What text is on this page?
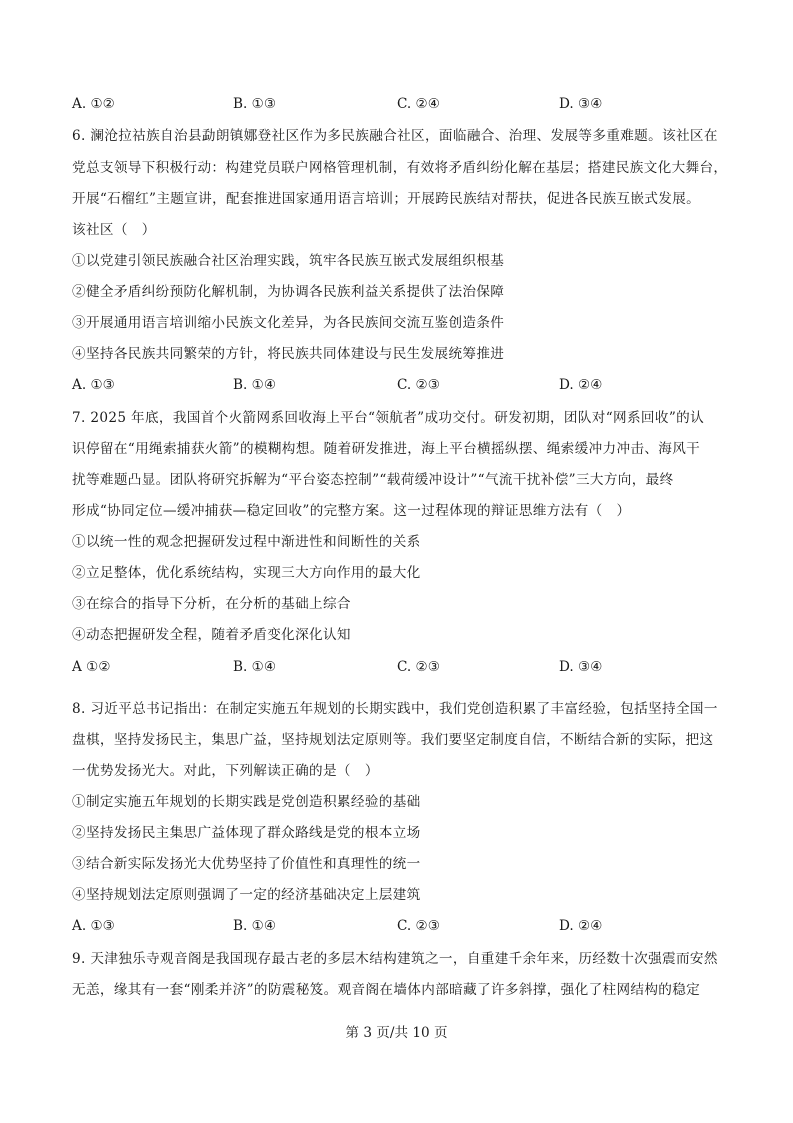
A. ①②	B. ①③	C. ②④	D. ③④
6. 澜沧拉祜族自治县勐朗镇娜登社区作为多民族融合社区，面临融合、治理、发展等多重难题。该社区在
党总支领导下积极行动：构建党员联户网格管理机制，有效将矛盾纠纷化解在基层；搭建民族文化大舞台，
开展“石榴红”主题宣讲，配套推进国家通用语言培训；开展跨民族结对帮扶，促进各民族互嵌式发展。
该社区（　）
①以党建引领民族融合社区治理实践，筑牢各民族互嵌式发展组织根基
②健全矛盾纠纷预防化解机制，为协调各民族利益关系提供了法治保障
③开展通用语言培训缩小民族文化差异，为各民族间交流互鉴创造条件
④坚持各民族共同繁荣的方针，将民族共同体建设与民生发展统筹推进
A. ①③	B. ①④	C. ②③	D. ②④
7. 2025 年底，我国首个火箭网系回收海上平台“领航者”成功交付。研发初期，团队对“网系回收”的认
识停留在“用绳索捕获火箭”的模糊构想。随着研发推进，海上平台横摇纵摆、绳索缓冲力冲击、海风干
扰等难题凸显。团队将研究拆解为“平台姿态控制”“载荷缓冲设计”“气流干扰补偿”三大方向，最终
形成“协同定位—缓冲捕获—稳定回收”的完整方案。这一过程体现的辩证思维方法有（　）
①以统一性的观念把握研发过程中渐进性和间断性的关系
②立足整体，优化系统结构，实现三大方向作用的最大化
③在综合的指导下分析，在分析的基础上综合
④动态把握研发全程，随着矛盾变化深化认知
A ①②	B. ①④	C. ②③	D. ③④
8. 习近平总书记指出：在制定实施五年规划的长期实践中，我们党创造积累了丰富经验，包括坚持全国一
盘棋，坚持发扬民主，集思广益，坚持规划法定原则等。我们要坚定制度自信，不断结合新的实际，把这
一优势发扬光大。对此，下列解读正确的是（　）
①制定实施五年规划的长期实践是党创造积累经验的基础
②坚持发扬民主集思广益体现了群众路线是党的根本立场
③结合新实际发扬光大优势坚持了价值性和真理性的统一
④坚持规划法定原则强调了一定的经济基础决定上层建筑
A. ①③	B. ①④	C. ②③	D. ②④
9. 天津独乐寺观音阁是我国现存最古老的多层木结构建筑之一，自重建千余年来，历经数十次强震而安然
无恙，缘其有一套“刚柔并济”的防震秘笈。观音阁在墙体内部暗藏了许多斜撑，强化了柱网结构的稳定
第 3 页/共 10 页
